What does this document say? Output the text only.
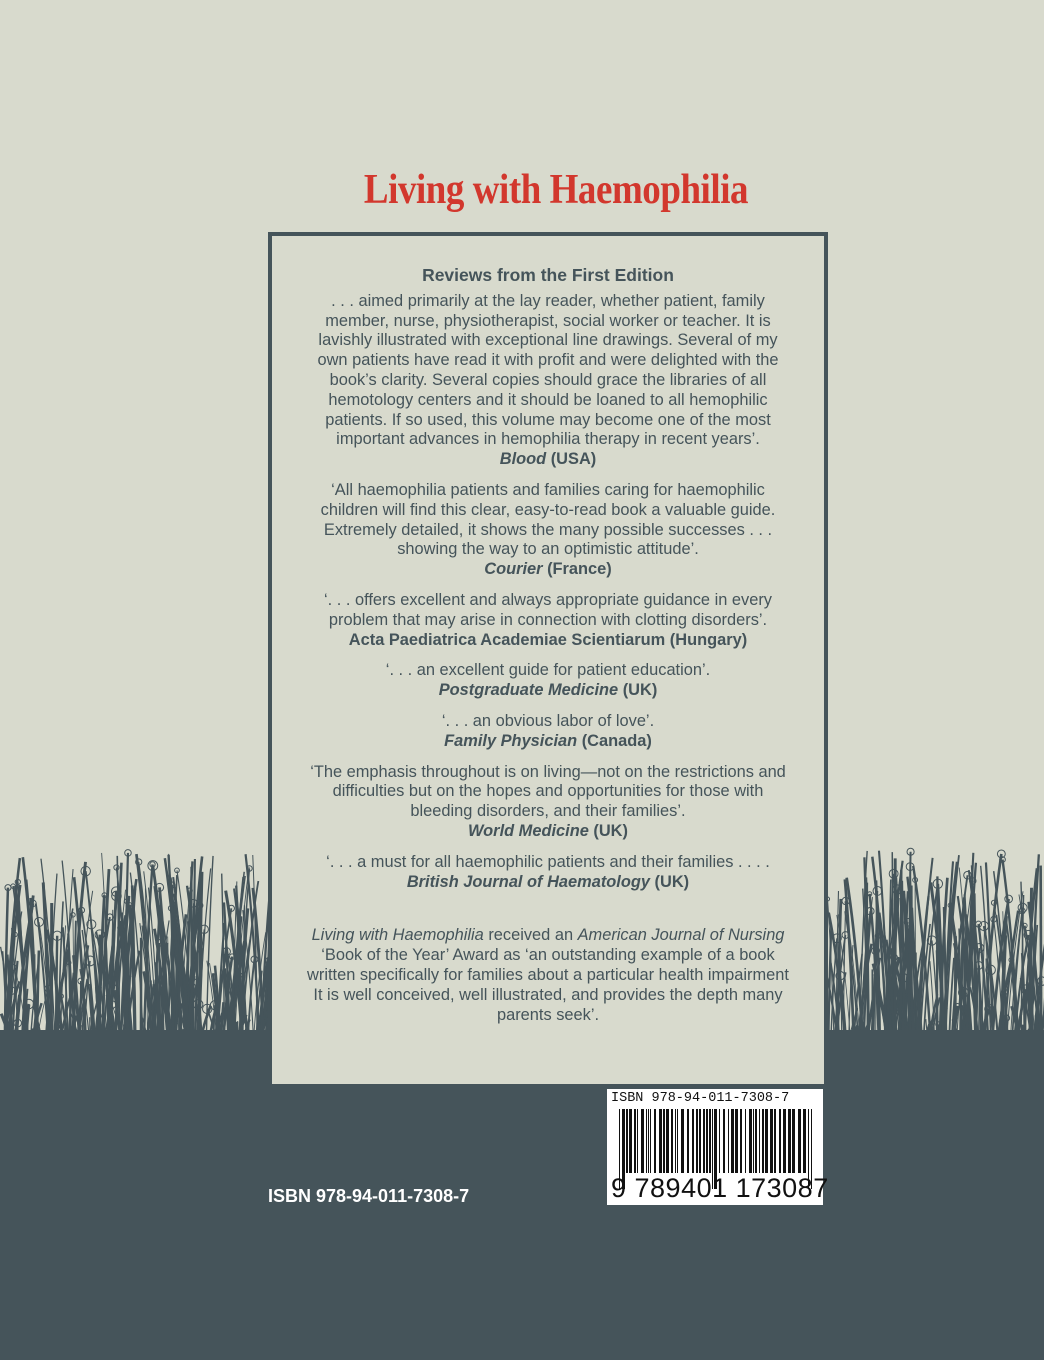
Living with Haemophilia
Reviews from the First Edition
. . . aimed primarily at the lay reader, whether patient, family
member, nurse, physiotherapist, social worker or teacher. It is
lavishly illustrated with exceptional line drawings. Several of my
own patients have read it with profit and were delighted with the
book’s clarity. Several copies should grace the libraries of all
hemotology centers and it should be loaned to all hemophilic
patients. If so used, this volume may become one of the most
important advances in hemophilia therapy in recent years’.
Blood (USA)
‘All haemophilia patients and families caring for haemophilic
children will find this clear, easy-to-read book a valuable guide.
Extremely detailed, it shows the many possible successes . . .
showing the way to an optimistic attitude’.
Courier (France)
‘. . . offers excellent and always appropriate guidance in every
problem that may arise in connection with clotting disorders’.
Acta Paediatrica Academiae Scientiarum (Hungary)
‘. . . an excellent guide for patient education’.
Postgraduate Medicine (UK)
‘. . . an obvious labor of love’.
Family Physician (Canada)
‘The emphasis throughout is on living—not on the restrictions and
difficulties but on the hopes and opportunities for those with
bleeding disorders, and their families’.
World Medicine (UK)
‘. . . a must for all haemophilic patients and their families . . . .
British Journal of Haematology (UK)
Living with Haemophilia received an American Journal of Nursing
‘Book of the Year’ Award as ‘an outstanding example of a book
written specifically for families about a particular health impairment
It is well conceived, well illustrated, and provides the depth many
parents seek’.
ISBN 978-94-011-7308-7
ISBN 978-94-011-7308-7
9 789401 173087
